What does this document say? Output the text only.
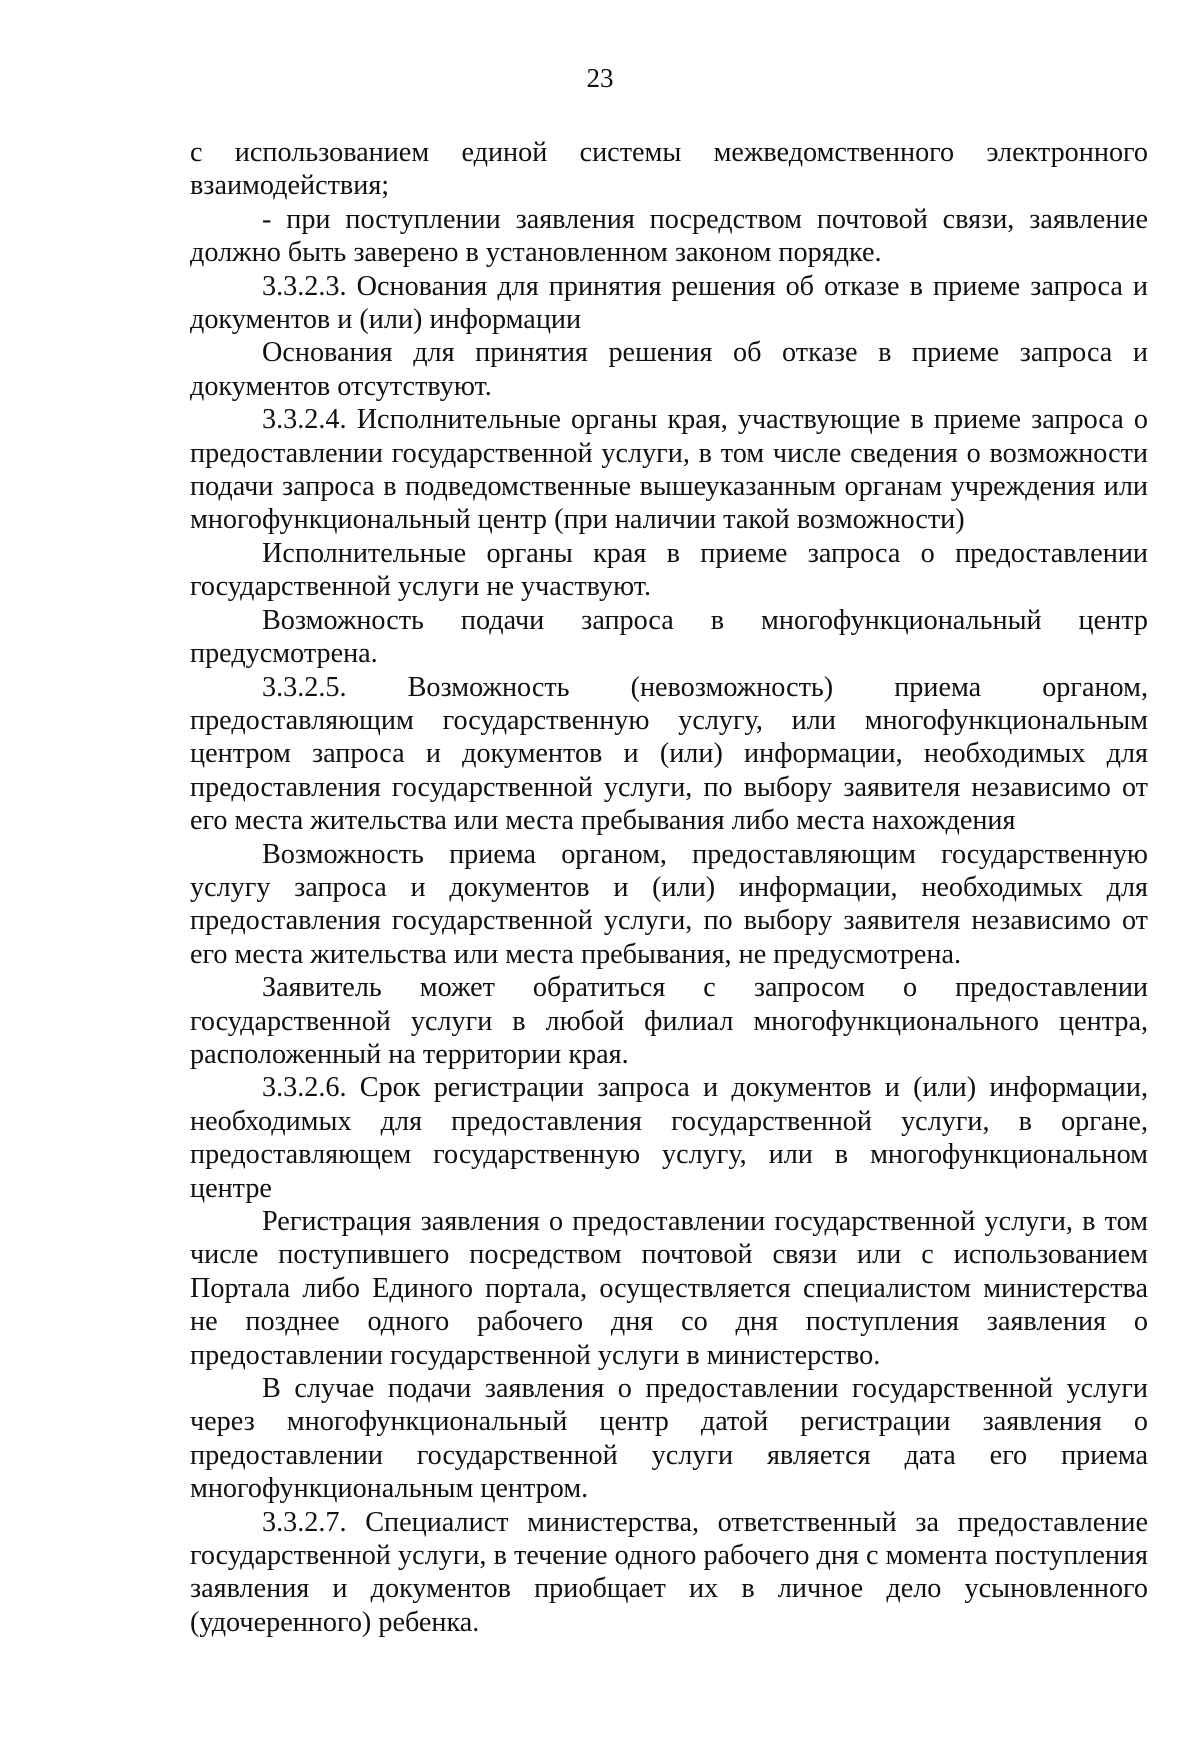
23

с использованием единой системы межведомственного электронного взаимодействия;

- при поступлении заявления посредством почтовой связи, заявление должно быть заверено в установленном законом порядке.

3.3.2.3. Основания для принятия решения об отказе в приеме запроса и документов и (или) информации

Основания для принятия решения об отказе в приеме запроса и документов отсутствуют.

3.3.2.4. Исполнительные органы края, участвующие в приеме запроса о предоставлении государственной услуги, в том числе сведения о возможности подачи запроса в подведомственные вышеуказанным органам учреждения или многофункциональный центр (при наличии такой возможности)

Исполнительные органы края в приеме запроса о предоставлении государственной услуги не участвуют.

Возможность подачи запроса в многофункциональный центр предусмотрена.

3.3.2.5. Возможность (невозможность) приема органом, предоставляющим государственную услугу, или многофункциональным центром запроса и документов и (или) информации, необходимых для предоставления государственной услуги, по выбору заявителя независимо от его места жительства или места пребывания либо места нахождения

Возможность приема органом, предоставляющим государственную услугу запроса и документов и (или) информации, необходимых для предоставления государственной услуги, по выбору заявителя независимо от его места жительства или места пребывания, не предусмотрена.

Заявитель может обратиться с запросом о предоставлении государственной услуги в любой филиал многофункционального центра, расположенный на территории края.

3.3.2.6. Срок регистрации запроса и документов и (или) информации, необходимых для предоставления государственной услуги, в органе, предоставляющем государственную услугу, или в многофункциональном центре

Регистрация заявления о предоставлении государственной услуги, в том числе поступившего посредством почтовой связи или с использованием Портала либо Единого портала, осуществляется специалистом министерства не позднее одного рабочего дня со дня поступления заявления о предоставлении государственной услуги в министерство.

В случае подачи заявления о предоставлении государственной услуги через многофункциональный центр датой регистрации заявления о предоставлении государственной услуги является дата его приема многофункциональным центром.

3.3.2.7. Специалист министерства, ответственный за предоставление государственной услуги, в течение одного рабочего дня с момента поступления заявления и документов приобщает их в личное дело усыновленного (удочеренного) ребенка.
